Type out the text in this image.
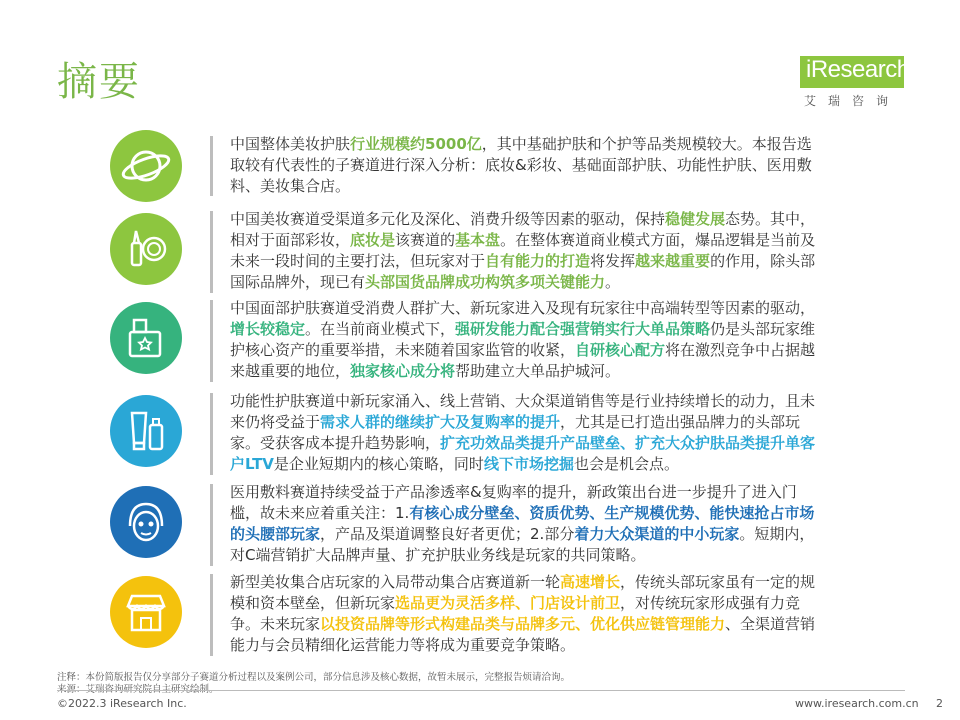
摘要	iResearch
艾瑞咨询
中国整体美妆护肤行业规模约5000亿，其中基础护肤和个护等品类规模较大。本报告选取较有代表性的子赛道进行深入分析：底妆&彩妆、基础面部护肤、功能性护肤、医用敷料、美妆集合店。
中国美妆赛道受渠道多元化及深化、消费升级等因素的驱动，保持稳健发展态势。其中，相对于面部彩妆，底妆是该赛道的基本盘。在整体赛道商业模式方面，爆品逻辑是当前及未来一段时间的主要打法，但玩家对于自有能力的打造将发挥越来越重要的作用，除头部国际品牌外，现已有头部国货品牌成功构筑多项关键能力。
中国面部护肤赛道受消费人群扩大、新玩家进入及现有玩家往中高端转型等因素的驱动，增长较稳定。在当前商业模式下，强研发能力配合强营销实行大单品策略仍是头部玩家维护核心资产的重要举措，未来随着国家监管的收紧，自研核心配方将在激烈竞争中占据越来越重要的地位，独家核心成分将帮助建立大单品护城河。
功能性护肤赛道中新玩家涌入、线上营销、大众渠道销售等是行业持续增长的动力，且未来仍将受益于需求人群的继续扩大及复购率的提升，尤其是已打造出强品牌力的头部玩家。受获客成本提升趋势影响，扩充功效品类提升产品壁垒、扩充大众护肤品类提升单客户LTV是企业短期内的核心策略，同时线下市场挖掘也会是机会点。
医用敷料赛道持续受益于产品渗透率&复购率的提升，新政策出台进一步提升了进入门槛，故未来应着重关注：1.有核心成分壁垒、资质优势、生产规模优势、能快速抢占市场的头腰部玩家，产品及渠道调整良好者更优；2.部分着力大众渠道的中小玩家。短期内，对C端营销扩大品牌声量、扩充护肤业务线是玩家的共同策略。
新型美妆集合店玩家的入局带动集合店赛道新一轮高速增长，传统头部玩家虽有一定的规模和资本壁垒，但新玩家选品更为灵活多样、门店设计前卫，对传统玩家形成强有力竞争。未来玩家以投资品牌等形式构建品类与品牌多元、优化供应链管理能力、全渠道营销能力与会员精细化运营能力等将成为重要竞争策略。
注释：本份简版报告仅分享部分子赛道分析过程以及案例公司，部分信息涉及核心数据，故暂未展示，完整报告烦请洽询。
©2022.3 iResearch Inc.	www.iresearch.com.cn 2
